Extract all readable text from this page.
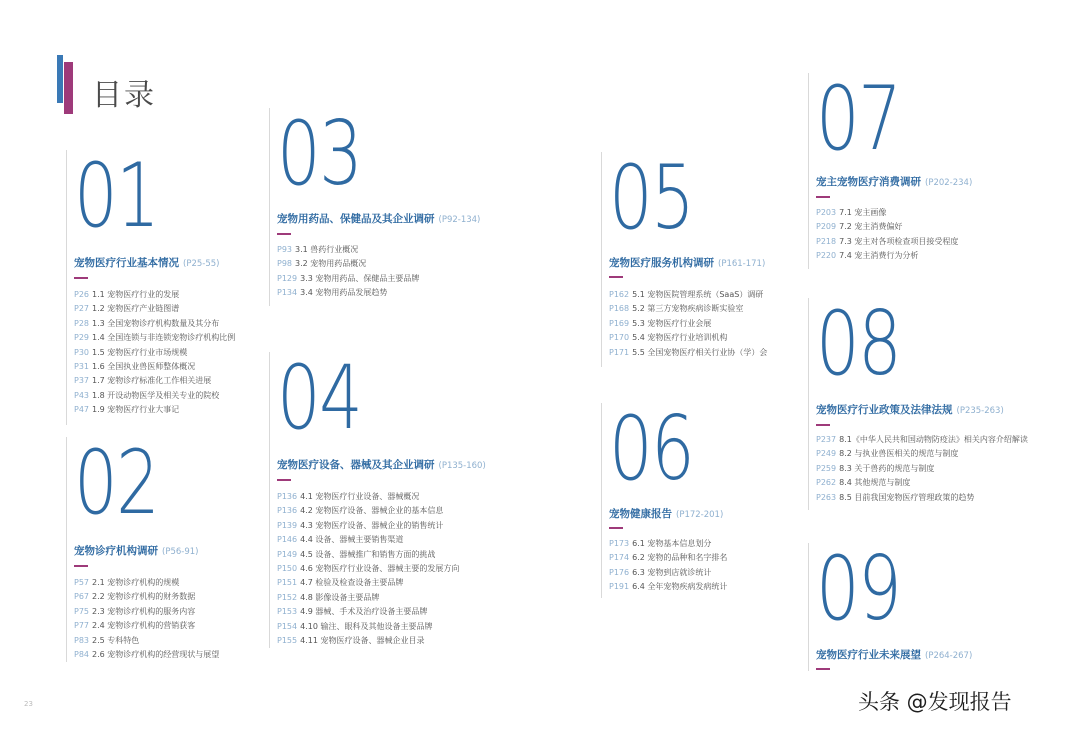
目录
01
宠物医疗行业基本情况 (P25-55)
P26 1.1 宠物医疗行业的发展
P27 1.2 宠物医疗产业链图谱
P28 1.3 全国宠物诊疗机构数量及其分布
P29 1.4 全国连锁与非连锁宠物诊疗机构比例
P30 1.5 宠物医疗行业市场规模
P31 1.6 全国执业兽医师整体概况
P37 1.7 宠物诊疗标准化工作相关进展
P43 1.8 开设动物医学及相关专业的院校
P47 1.9 宠物医疗行业大事记
02
宠物诊疗机构调研 (P56-91)
P57 2.1 宠物诊疗机构的规模
P67 2.2 宠物诊疗机构的财务数据
P75 2.3 宠物诊疗机构的服务内容
P77 2.4 宠物诊疗机构的营销获客
P83 2.5 专科特色
P84 2.6 宠物诊疗机构的经营现状与展望
03
宠物用药品、保健品及其企业调研 (P92-134)
P93 3.1 兽药行业概况
P98 3.2 宠物用药品概况
P129 3.3 宠物用药品、保健品主要品牌
P134 3.4 宠物用药品发展趋势
04
宠物医疗设备、器械及其企业调研 (P135-160)
P136 4.1 宠物医疗行业设备、器械概况
P136 4.2 宠物医疗设备、器械企业的基本信息
P139 4.3 宠物医疗设备、器械企业的销售统计
P146 4.4 设备、器械主要销售渠道
P149 4.5 设备、器械推广和销售方面的挑战
P150 4.6 宠物医疗行业设备、器械主要的发展方向
P151 4.7 检验及检查设备主要品牌
P152 4.8 影像设备主要品牌
P153 4.9 器械、手术及治疗设备主要品牌
P154 4.10 输注、眼科及其他设备主要品牌
P155 4.11 宠物医疗设备、器械企业目录
05
宠物医疗服务机构调研 (P161-171)
P162 5.1 宠物医院管理系统（SaaS）调研
P168 5.2 第三方宠物疾病诊断实验室
P169 5.3 宠物医疗行业会展
P170 5.4 宠物医疗行业培训机构
P171 5.5 全国宠物医疗相关行业协（学）会
06
宠物健康报告 (P172-201)
P173 6.1 宠物基本信息划分
P174 6.2 宠物的品种和名字排名
P176 6.3 宠物到店就诊统计
P191 6.4 全年宠物疾病发病统计
07
宠主宠物医疗消费调研 (P202-234)
P203 7.1 宠主画像
P209 7.2 宠主消费偏好
P218 7.3 宠主对各项检查项目接受程度
P220 7.4 宠主消费行为分析
08
宠物医疗行业政策及法律法规 (P235-263)
P237 8.1《中华人民共和国动物防疫法》相关内容介绍解读
P249 8.2 与执业兽医相关的规范与制度
P259 8.3 关于兽药的规范与制度
P262 8.4 其他规范与制度
P263 8.5 目前我国宠物医疗管理政策的趋势
09
宠物医疗行业未来展望 (P264-267)
23	头条 @发现报告
